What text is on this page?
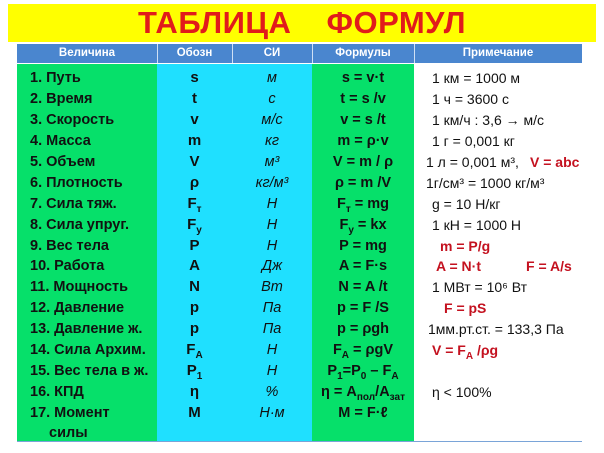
ТАБЛИЦА ФОРМУЛ
Величина	Обозн	СИ	Формулы	Примечание
1. Путь	s	м	s = v·t	1 км = 1000 м
2. Время	t	с	t = s /v	1 ч = 3600 с
3. Скорость	v	м/с	v = s /t	1 км/ч : 3,6 → м/с
4. Масса	m	кг	m = ρ·v	1 г = 0,001 кг
5. Объем	V	м³	V = m / ρ	1 л = 0,001 м³, V = abc
6. Плотность	ρ	кг/м³	ρ = m /V	1г/см³ = 1000 кг/м³
7. Сила тяж.	$F_т$	Н	$F_т$ = mg	g = 10 Н/кг
8. Сила упруг.	$F_у$	Н	$F_у$ = kx	1 кН = 1000 Н
9. Вес тела	P	Н	P = mg	m = P/g
10. Работа	A	Дж	A = F·s	A = N·t	F = A/s
11. Мощность	N	Вт	N = A /t	1 МВт = 10⁶ Вт
12. Давление	p	Па	p = F /S	F = pS
13. Давление ж.	p	Па	p = ρgh	1мм.рт.ст. = 133,3 Па
14. Сила Архим.	$F_A$	Н	$F_A = \rho gV$	$V = F_A$ /ρg
15. Вес тела в ж.	$P_1$	Н	$P_1=P_0 - F_A$
16. КПД	η	%	$\eta = A_{пол}/A_{зат}$	η < 100%
17. Момент	M	Н·м	M = F·ℓ
силы
